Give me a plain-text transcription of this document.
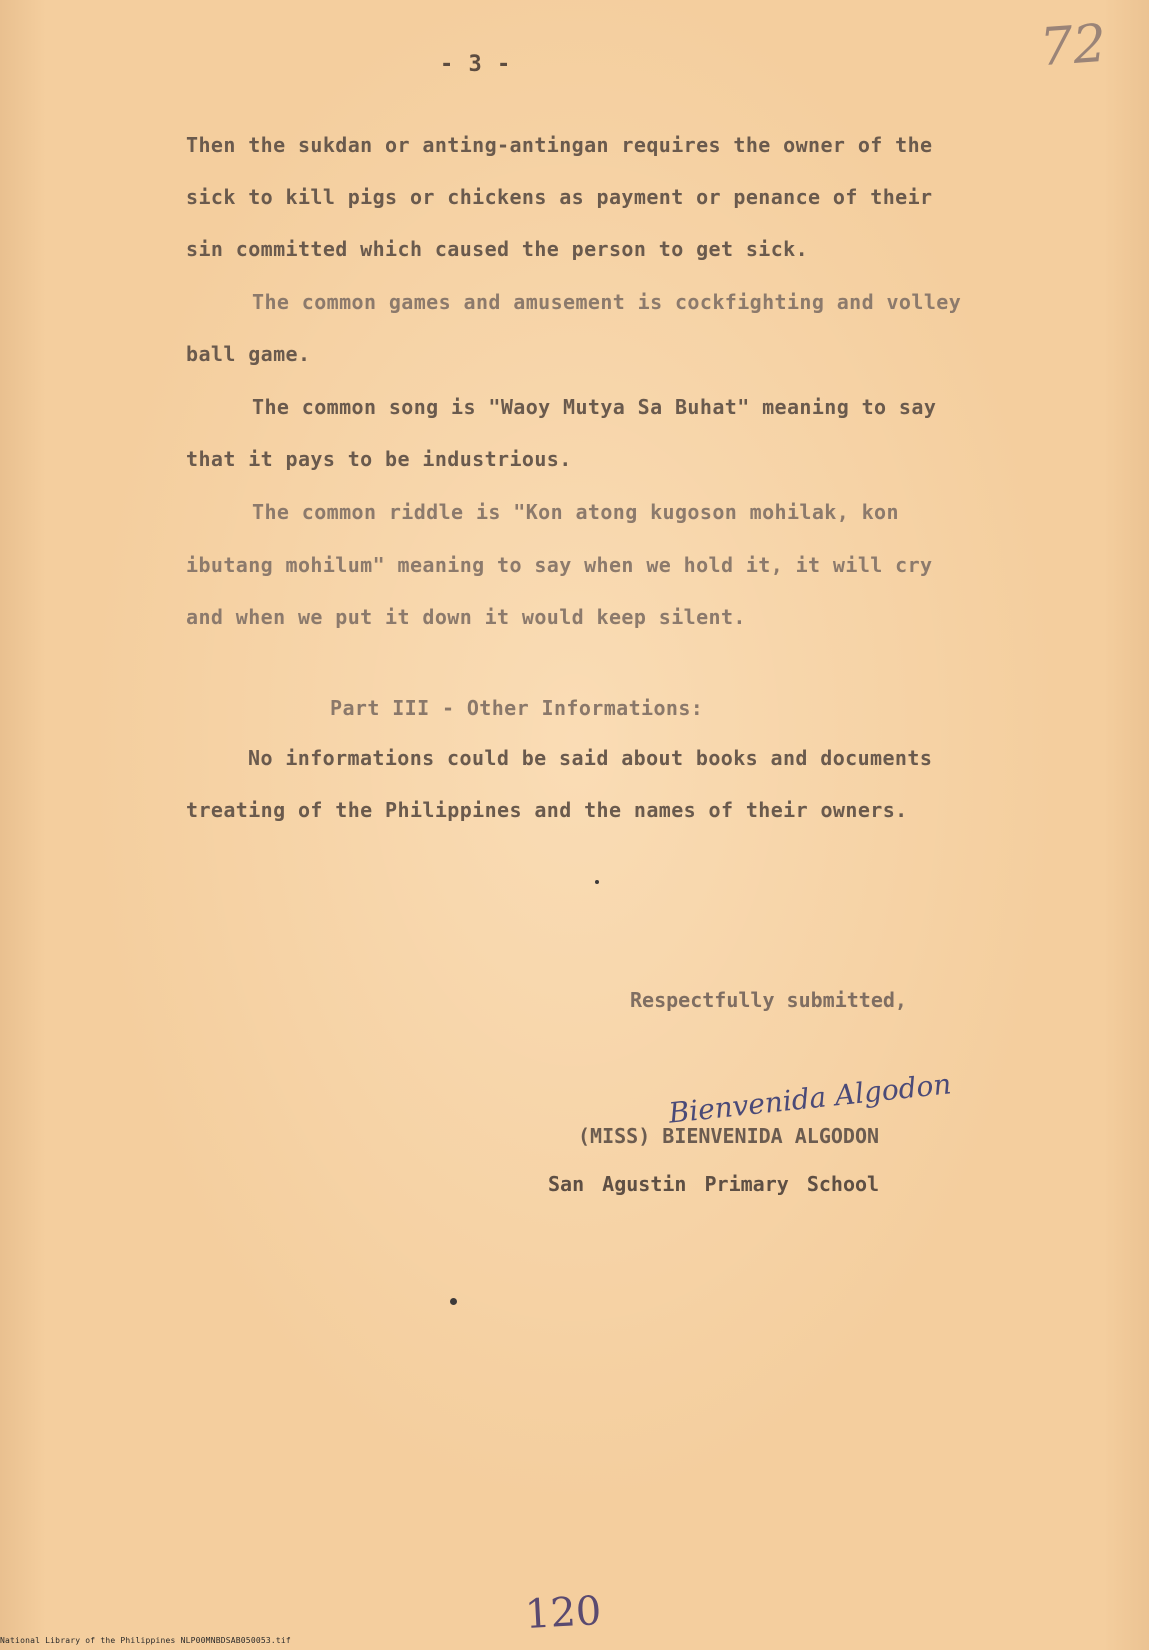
- 3 -	72
Then the sukdan or anting-antingan requires the owner of the
sick to kill pigs or chickens as payment or penance of their
sin committed which caused the person to get sick.
The common games and amusement is cockfighting and volley
ball game.
The common song is "Waoy Mutya Sa Buhat" meaning to say
that it pays to be industrious.
The common riddle is "Kon atong kugoson mohilak, kon
ibutang mohilum" meaning to say when we hold it, it will cry
and when we put it down it would keep silent.
Part III - Other Informations:
No informations could be said about books and documents
treating of the Philippines and the names of their owners.
Respectfully submitted,
Bienvenida Algodon
(MISS) BIENVENIDA ALGODON
San Agustin Primary School
120
National Library of the Philippines NLP00MNBDSAB050053.tif
